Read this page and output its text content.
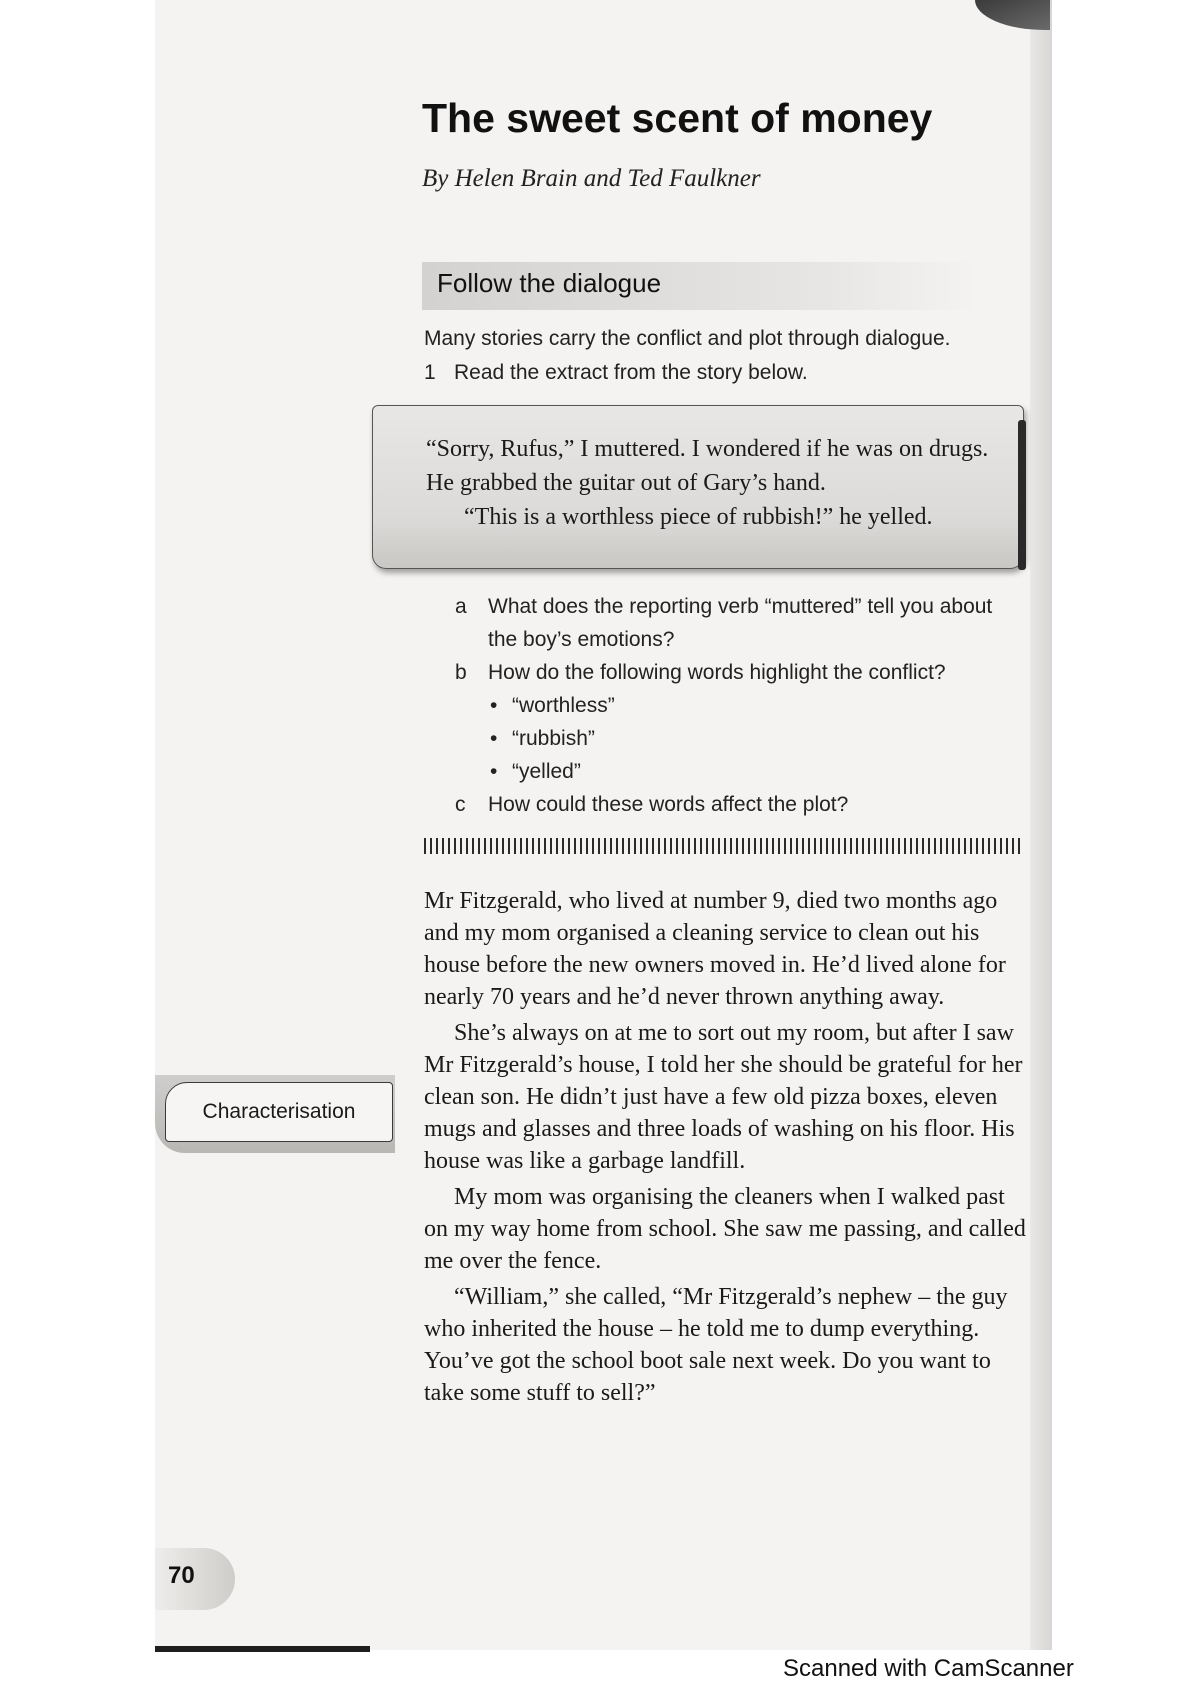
The sweet scent of money
By Helen Brain and Ted Faulkner
Follow the dialogue
Many stories carry the conflict and plot through dialogue.
1 Read the extract from the story below.

“Sorry, Rufus,” I muttered. I wondered if he was on drugs. He grabbed the guitar out of Gary’s hand.

“This is a worthless piece of rubbish!” he yelled.

a	What does the reporting verb “muttered” tell you about the boy’s emotions?
b	How do the following words highlight the conflict?
• “worthless”
• “rubbish”
• “yelled”
c	How could these words affect the plot?

Mr Fitzgerald, who lived at number 9, died two months ago and my mom organised a cleaning service to clean out his house before the new owners moved in. He’d lived alone for nearly 70 years and he’d never thrown anything away.

She’s always on at me to sort out my room, but after I saw Mr Fitzgerald’s house, I told her she should be grateful for her clean son. He didn’t just have a few old pizza boxes, eleven mugs and glasses and three loads of washing on his floor. His house was like a garbage landfill.

My mom was organising the cleaners when I walked past on my way home from school. She saw me passing, and called me over the fence.

“William,” she called, “Mr Fitzgerald’s nephew – the guy who inherited the house – he told me to dump everything. You’ve got the school boot sale next week. Do you want to take some stuff to sell?”

Characterisation
70
Scanned with CamScanner
